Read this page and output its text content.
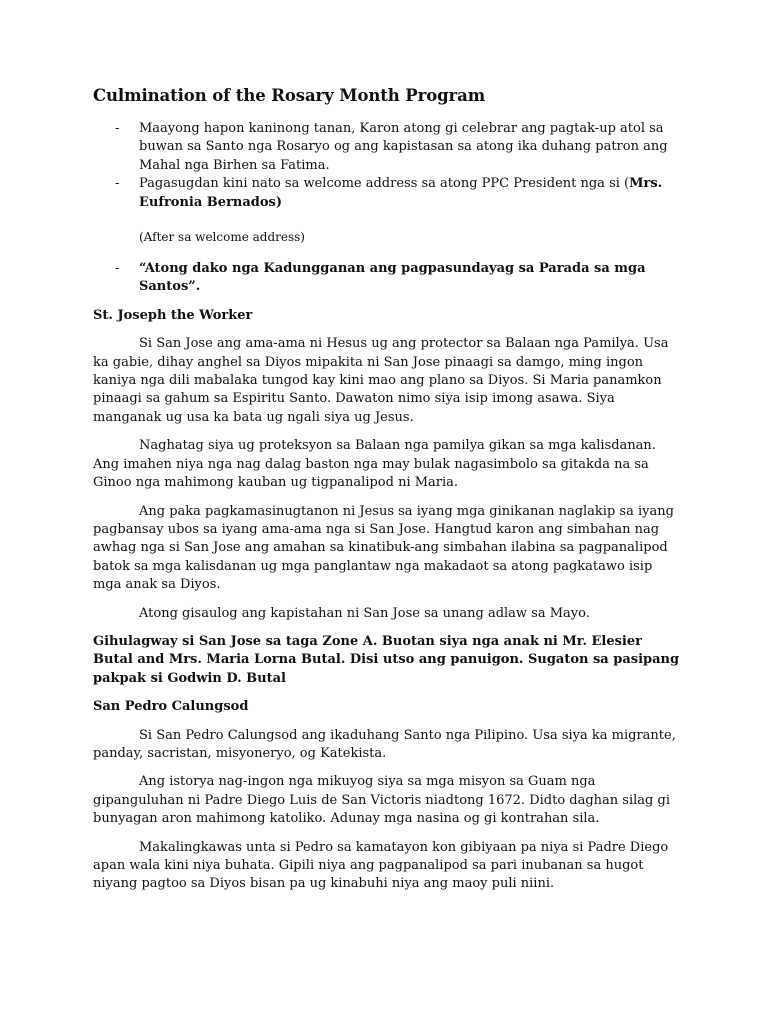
Culmination of the Rosary Month Program
- Maayong hapon kaninong tanan, Karon atong gi celebrar ang pagtak-up atol sa buwan sa Santo nga Rosaryo og ang kapistasan sa atong ika duhang patron ang Mahal nga Birhen sa Fatima.
- Pagasugdan kini nato sa welcome address sa atong PPC President nga si (Mrs. Eufronia Bernados)

(After sa welcome address)

- “Atong dako nga Kadungganan ang pagpasundayag sa Parada sa mga Santos”.

St. Joseph the Worker

Si San Jose ang ama-ama ni Hesus ug ang protector sa Balaan nga Pamilya. Usa ka gabie, dihay anghel sa Diyos mipakita ni San Jose pinaagi sa damgo, ming ingon kaniya nga dili mabalaka tungod kay kini mao ang plano sa Diyos. Si Maria panamkon pinaagi sa gahum sa Espiritu Santo. Dawaton nimo siya isip imong asawa. Siya manganak ug usa ka bata ug ngali siya ug Jesus.

Naghatag siya ug proteksyon sa Balaan nga pamilya gikan sa mga kalisdanan. Ang imahen niya nga nag dalag baston nga may bulak nagasimbolo sa gitakda na sa Ginoo nga mahimong kauban ug tigpanalipod ni Maria.

Ang paka pagkamasinugtanon ni Jesus sa iyang mga ginikanan naglakip sa iyang pagbansay ubos sa iyang ama-ama nga si San Jose. Hangtud karon ang simbahan nag awhag nga si San Jose ang amahan sa kinatibuk-ang simbahan ilabina sa pagpanalipod batok sa mga kalisdanan ug mga panglantaw nga makadaot sa atong pagkatawo isip mga anak sa Diyos.

Atong gisaulog ang kapistahan ni San Jose sa unang adlaw sa Mayo.

Gihulagway si San Jose sa taga Zone A. Buotan siya nga anak ni Mr. Elesier Butal and Mrs. Maria Lorna Butal. Disi utso ang panuigon. Sugaton sa pasipang pakpak si Godwin D. Butal

San Pedro Calungsod

Si San Pedro Calungsod ang ikaduhang Santo nga Pilipino. Usa siya ka migrante, panday, sacristan, misyoneryo, og Katekista.

Ang istorya nag-ingon nga mikuyog siya sa mga misyon sa Guam nga gipanguluhan ni Padre Diego Luis de San Victoris niadtong 1672. Didto daghan silag gi bunyagan aron mahimong katoliko. Adunay mga nasina og gi kontrahan sila.

Makalingkawas unta si Pedro sa kamatayon kon gibiyaan pa niya si Padre Diego apan wala kini niya buhata. Gipili niya ang pagpanalipod sa pari inubanan sa hugot niyang pagtoo sa Diyos bisan pa ug kinabuhi niya ang maoy puli niini.
